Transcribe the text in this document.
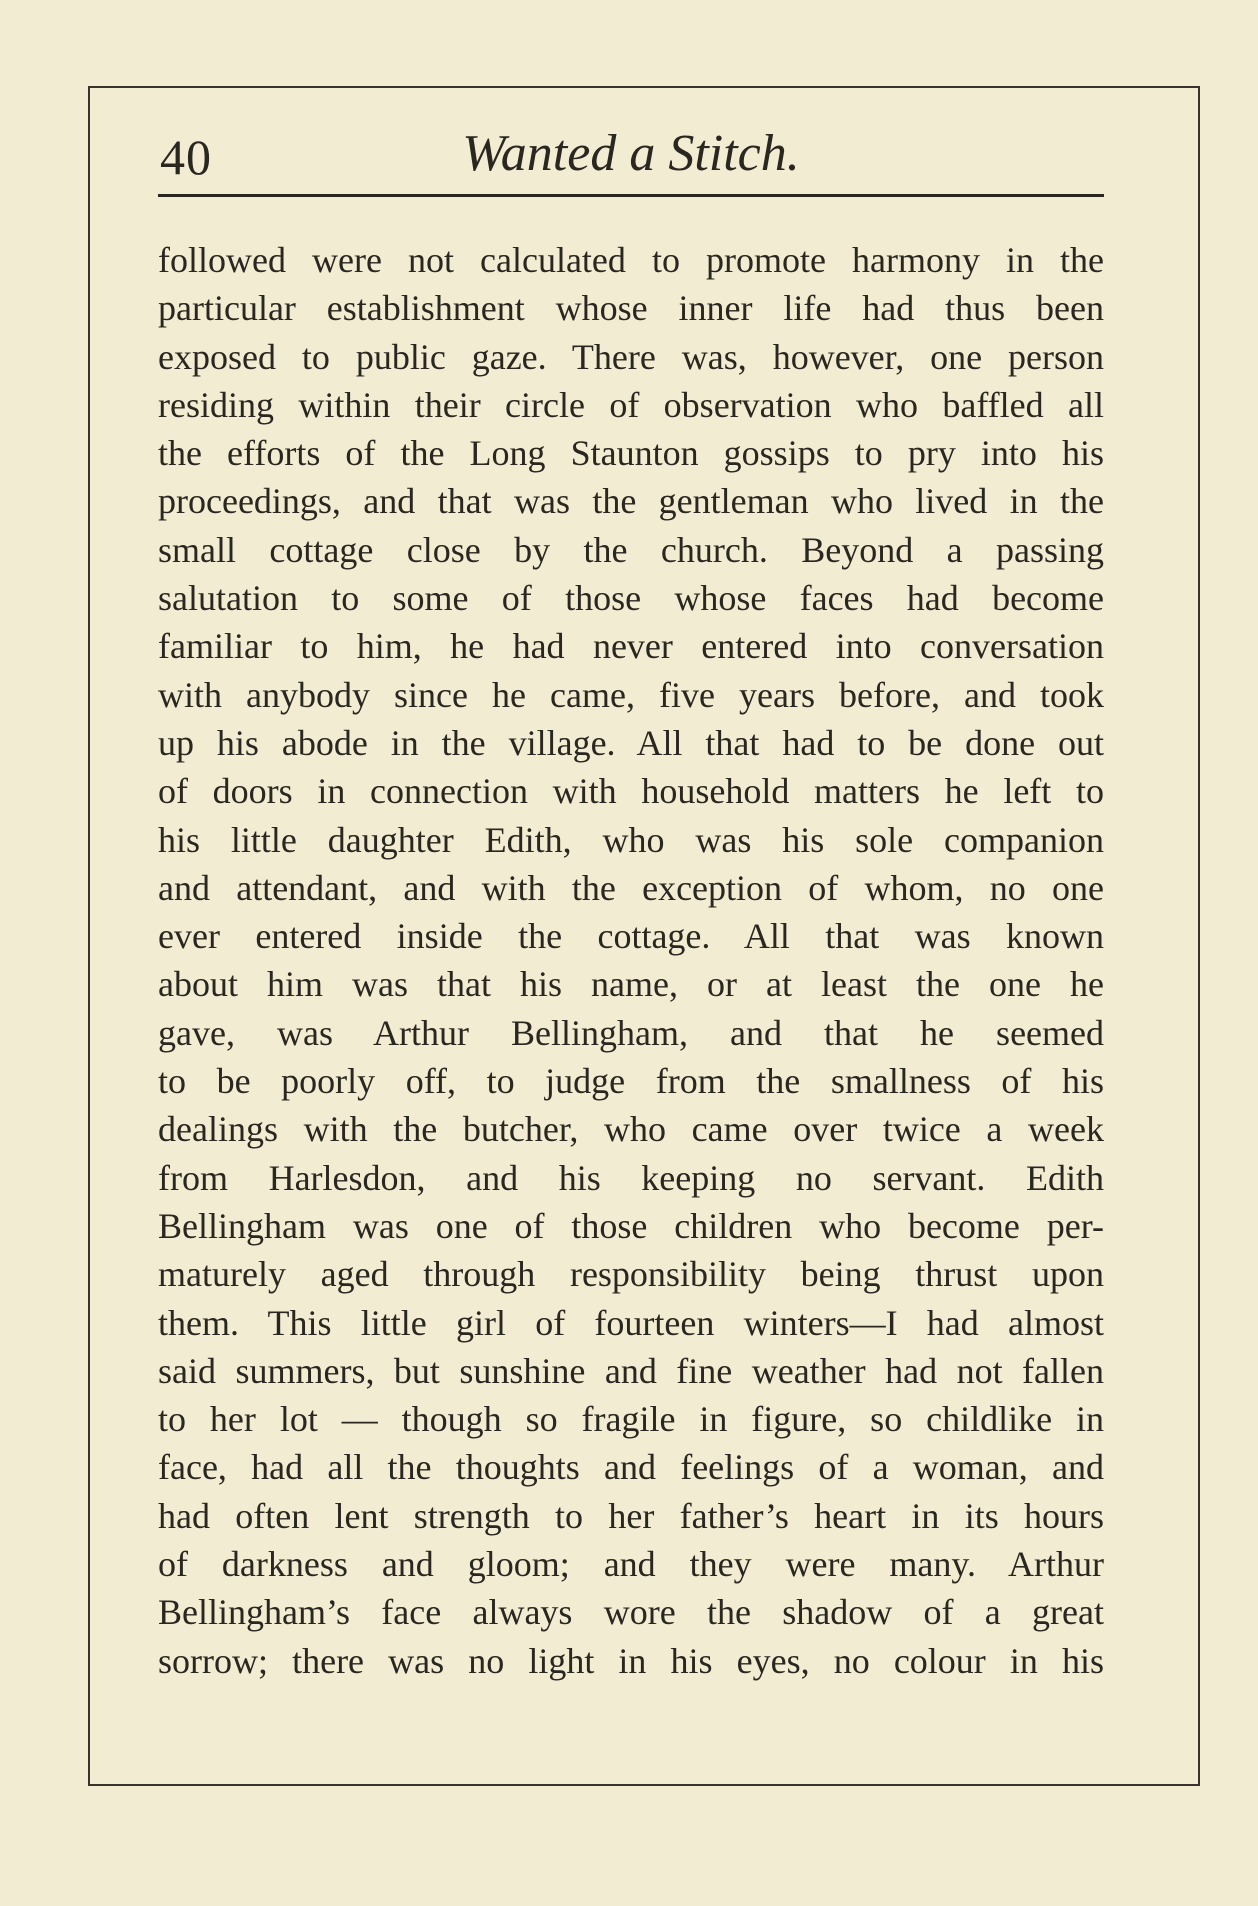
40	Wanted a Stitch.
followed were not calculated to promote harmony in the
particular establishment whose inner life had thus been
exposed to public gaze. There was, however, one person
residing within their circle of observation who baffled all
the efforts of the Long Staunton gossips to pry into his
proceedings, and that was the gentleman who lived in the
small cottage close by the church. Beyond a passing
salutation to some of those whose faces had become
familiar to him, he had never entered into conversation
with anybody since he came, five years before, and took
up his abode in the village. All that had to be done out
of doors in connection with household matters he left to
his little daughter Edith, who was his sole companion
and attendant, and with the exception of whom, no one
ever entered inside the cottage. All that was known
about him was that his name, or at least the one he
gave, was Arthur Bellingham, and that he seemed
to be poorly off, to judge from the smallness of his
dealings with the butcher, who came over twice a week
from Harlesdon, and his keeping no servant. Edith
Bellingham was one of those children who become per-
maturely aged through responsibility being thrust upon
them. This little girl of fourteen winters—I had almost
said summers, but sunshine and fine weather had not fallen
to her lot — though so fragile in figure, so childlike in
face, had all the thoughts and feelings of a woman, and
had often lent strength to her father’s heart in its hours
of darkness and gloom; and they were many. Arthur
Bellingham’s face always wore the shadow of a great
sorrow; there was no light in his eyes, no colour in his
